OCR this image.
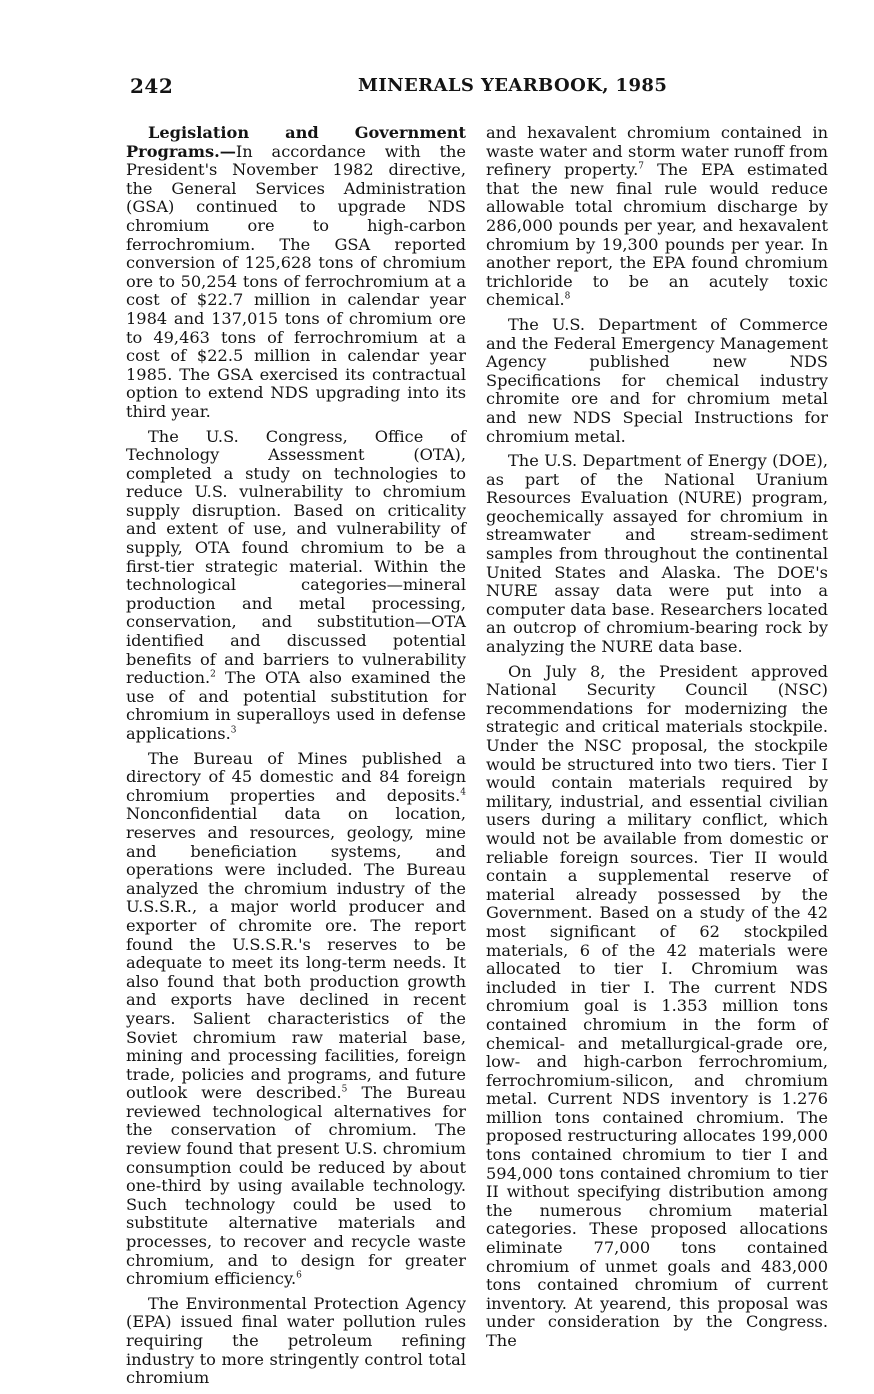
242	MINERALS YEARBOOK, 1985

Legislation and Government Programs.—In accordance with the President's November 1982 directive, the General Services Administration (GSA) continued to upgrade NDS chromium ore to high-carbon ferrochromium. The GSA reported conversion of 125,628 tons of chromium ore to 50,254 tons of ferrochromium at a cost of $22.7 million in calendar year 1984 and 137,015 tons of chromium ore to 49,463 tons of ferrochromium at a cost of $22.5 million in calendar year 1985. The GSA exercised its contractual option to extend NDS upgrading into its third year.

The U.S. Congress, Office of Technology Assessment (OTA), completed a study on technologies to reduce U.S. vulnerability to chromium supply disruption. Based on criticality and extent of use, and vulnerability of supply, OTA found chromium to be a first-tier strategic material. Within the technological categories—mineral production and metal processing, conservation, and substitution—OTA identified and discussed potential benefits of and barriers to vulnerability reduction.$^2$ The OTA also examined the use of and potential substitution for chromium in superalloys used in defense applications.$^3$

The Bureau of Mines published a directory of 45 domestic and 84 foreign chromium properties and deposits.$^4$ Nonconfidential data on location, reserves and resources, geology, mine and beneficiation systems, and operations were included. The Bureau analyzed the chromium industry of the U.S.S.R., a major world producer and exporter of chromite ore. The report found the U.S.S.R.'s reserves to be adequate to meet its long-term needs. It also found that both production growth and exports have declined in recent years. Salient characteristics of the Soviet chromium raw material base, mining and processing facilities, foreign trade, policies and programs, and future outlook were described.$^5$ The Bureau reviewed technological alternatives for the conservation of chromium. The review found that present U.S. chromium consumption could be reduced by about one-third by using available technology. Such technology could be used to substitute alternative materials and processes, to recover and recycle waste chromium, and to design for greater chromium efficiency.$^6$

The Environmental Protection Agency (EPA) issued final water pollution rules requiring the petroleum refining industry to more stringently control total chromium

and hexavalent chromium contained in waste water and storm water runoff from refinery property.$^7$ The EPA estimated that the new final rule would reduce allowable total chromium discharge by 286,000 pounds per year, and hexavalent chromium by 19,300 pounds per year. In another report, the EPA found chromium trichloride to be an acutely toxic chemical.$^8$

The U.S. Department of Commerce and the Federal Emergency Management Agency published new NDS Specifications for chemical industry chromite ore and for chromium metal and new NDS Special Instructions for chromium metal.

The U.S. Department of Energy (DOE), as part of the National Uranium Resources Evaluation (NURE) program, geochemically assayed for chromium in streamwater and stream-sediment samples from throughout the continental United States and Alaska. The DOE's NURE assay data were put into a computer data base. Researchers located an outcrop of chromium-bearing rock by analyzing the NURE data base.

On July 8, the President approved National Security Council (NSC) recommendations for modernizing the strategic and critical materials stockpile. Under the NSC proposal, the stockpile would be structured into two tiers. Tier I would contain materials required by military, industrial, and essential civilian users during a military conflict, which would not be available from domestic or reliable foreign sources. Tier II would contain a supplemental reserve of material already possessed by the Government. Based on a study of the 42 most significant of 62 stockpiled materials, 6 of the 42 materials were allocated to tier I. Chromium was included in tier I. The current NDS chromium goal is 1.353 million tons contained chromium in the form of chemical- and metallurgical-grade ore, low- and high-carbon ferrochromium, ferrochromium-silicon, and chromium metal. Current NDS inventory is 1.276 million tons contained chromium. The proposed restructuring allocates 199,000 tons contained chromium to tier I and 594,000 tons contained chromium to tier II without specifying distribution among the numerous chromium material categories. These proposed allocations eliminate 77,000 tons contained chromium of unmet goals and 483,000 tons contained chromium of current inventory. At yearend, this proposal was under consideration by the Congress. The
